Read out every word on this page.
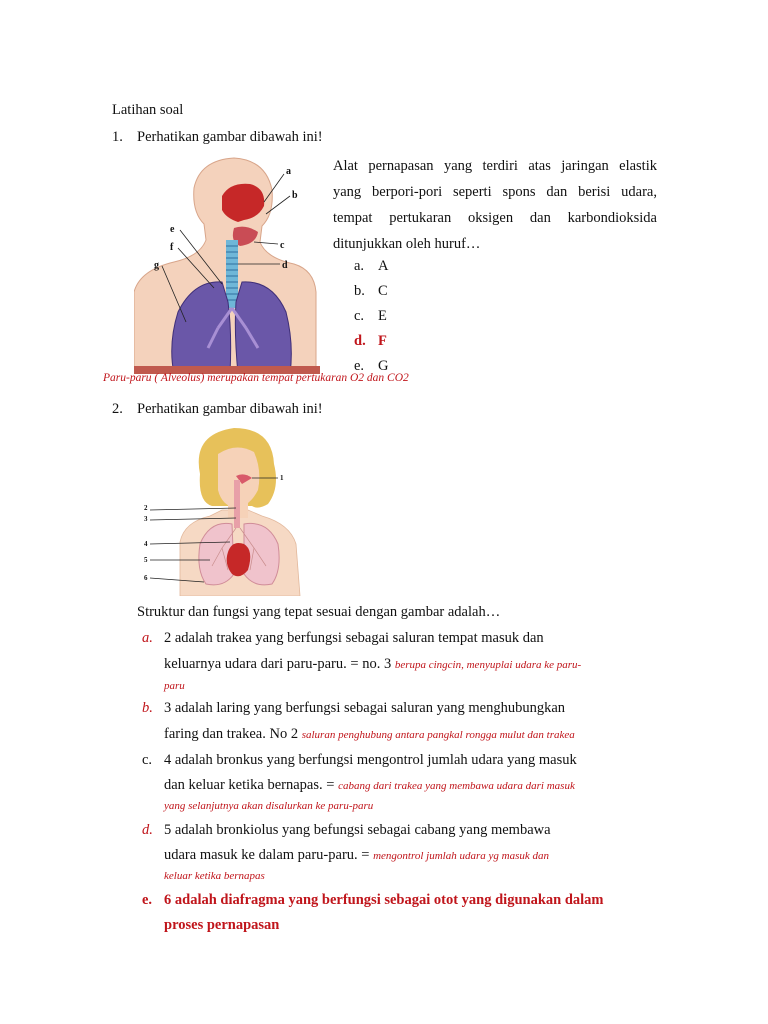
Latihan soal
1. Perhatikan gambar dibawah ini!
a
b
c
d
e
f
g
Alat pernapasan yang terdiri atas jaringan elastik
yang berpori-pori seperti spons dan berisi udara,
tempat pertukaran oksigen dan karbondioksida
ditunjukkan oleh huruf…
a. A
b. C
c. E
d. F
e. G
Paru-paru ( Alveolus) merupakan tempat pertukaran O2 dan CO2
2. Perhatikan gambar dibawah ini!
1
2
3
4
5
6
Struktur dan fungsi yang tepat sesuai dengan gambar adalah…
a. 2 adalah trakea yang berfungsi sebagai saluran tempat masuk dan
keluarnya udara dari paru-paru. = no. 3 berupa cingcin, menyuplai udara ke paru-
paru
b. 3 adalah laring yang berfungsi sebagai saluran yang menghubungkan
faring dan trakea. No 2 saluran penghubung antara pangkal rongga mulut dan trakea
c. 4 adalah bronkus yang berfungsi mengontrol jumlah udara yang masuk
dan keluar ketika bernapas. = cabang dari trakea yang membawa udara dari masuk
yang selanjutnya akan disalurkan ke paru-paru
d. 5 adalah bronkiolus yang befungsi sebagai cabang yang membawa
udara masuk ke dalam paru-paru. = mengontrol jumlah udara yg masuk dan
keluar ketika bernapas
e. 6 adalah diafragma yang berfungsi sebagai otot yang digunakan dalam
proses pernapasan
